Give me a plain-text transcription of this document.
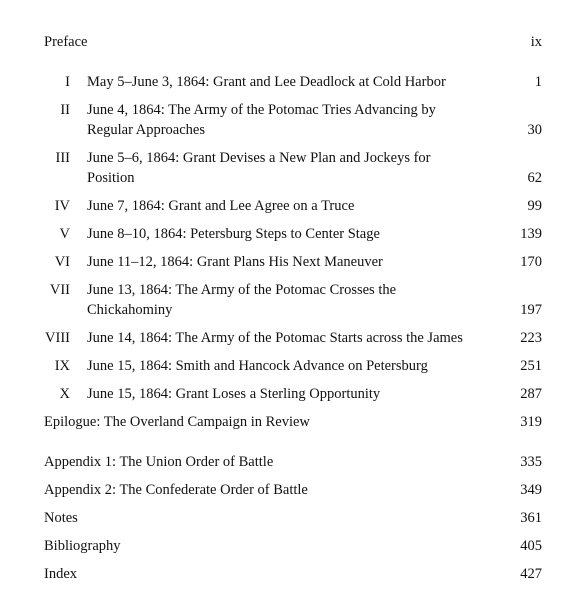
Preface	ix
I May 5–June 3, 1864: Grant and Lee Deadlock at Cold Harbor	1
II June 4, 1864: The Army of the Potomac Tries Advancing by
Regular Approaches	30
III June 5–6, 1864: Grant Devises a New Plan and Jockeys for
Position	62
IV June 7, 1864: Grant and Lee Agree on a Truce	99
V June 8–10, 1864: Petersburg Steps to Center Stage	139
VI June 11–12, 1864: Grant Plans His Next Maneuver	170
VII June 13, 1864: The Army of the Potomac Crosses the
Chickahominy	197
VIII June 14, 1864: The Army of the Potomac Starts across the James	223
IX June 15, 1864: Smith and Hancock Advance on Petersburg	251
X June 15, 1864: Grant Loses a Sterling Opportunity	287
Epilogue: The Overland Campaign in Review	319
Appendix 1: The Union Order of Battle	335
Appendix 2: The Confederate Order of Battle	349
Notes	361
Bibliography	405
Index	427
